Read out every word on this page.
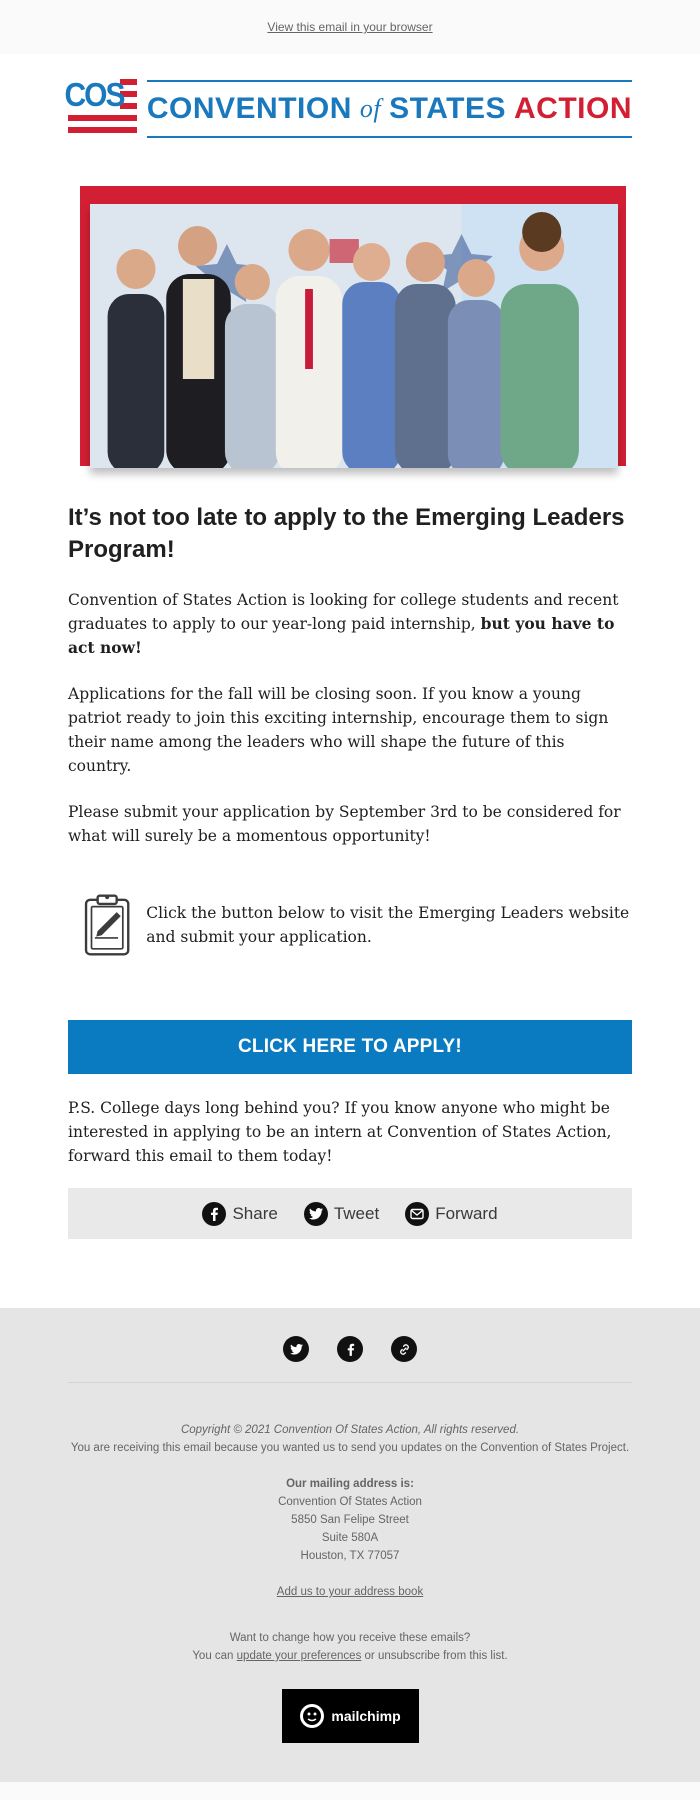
View this email in your browser
COS CONVENTION of STATES ACTION
It’s not too late to apply to the Emerging Leaders Program!

Convention of States Action is looking for college students and recent graduates to apply to our year-long paid internship, but you have to act now!

Applications for the fall will be closing soon. If you know a young patriot ready to join this exciting internship, encourage them to sign their name among the leaders who will shape the future of this country.

Please submit your application by September 3rd to be considered for what will surely be a momentous opportunity!

Click the button below to visit the Emerging Leaders website and submit your application.

CLICK HERE TO APPLY!

P.S. College days long behind you? If you know anyone who might be interested in applying to be an intern at Convention of States Action, forward this email to them today!

Share	Tweet	Forward
Copyright © 2021 Convention Of States Action, All rights reserved.
You are receiving this email because you wanted us to send you updates on the Convention of States Project.
Our mailing address is:
Convention Of States Action
5850 San Felipe Street
Suite 580A
Houston, TX 77057
Add us to your address book
Want to change how you receive these emails?
You can update your preferences or unsubscribe from this list.
mailchimp
